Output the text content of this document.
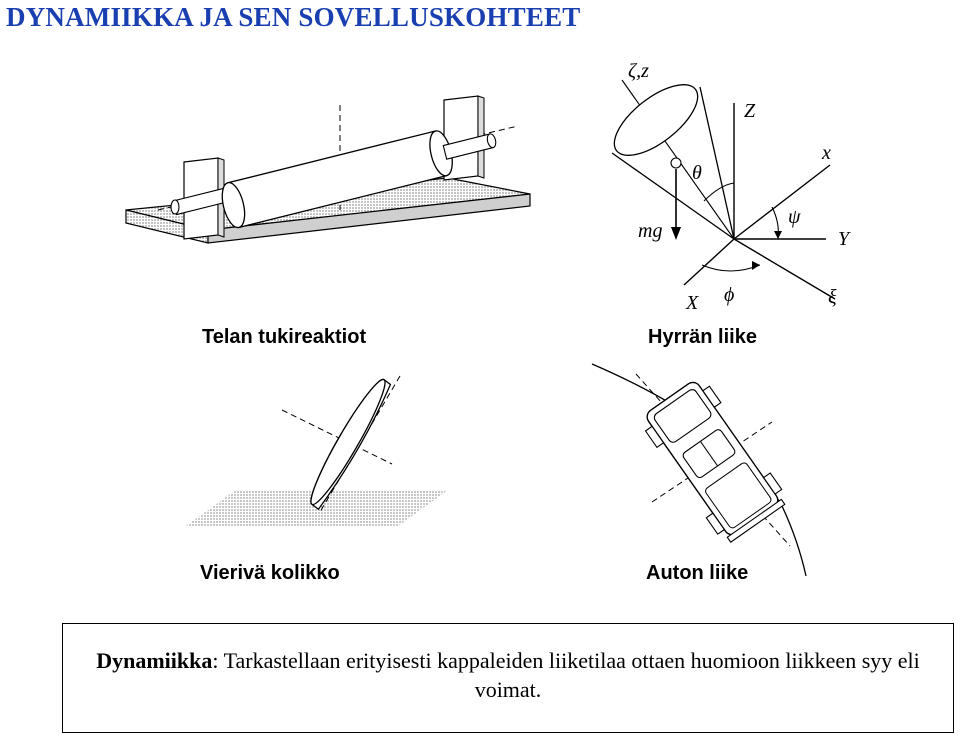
DYNAMIIKKA JA SEN SOVELLUSKOHTEET
Telan tukireaktiot
ζ,z
Z
x
θ
ψ
Y
mg
ϕ
X	ξ
Hyrrän liike
Vierivä kolikko	Auton liike

Dynamiikka: Tarkastellaan erityisesti kappaleiden liiketilaa ottaen huomioon liikkeen syy eli voimat.
